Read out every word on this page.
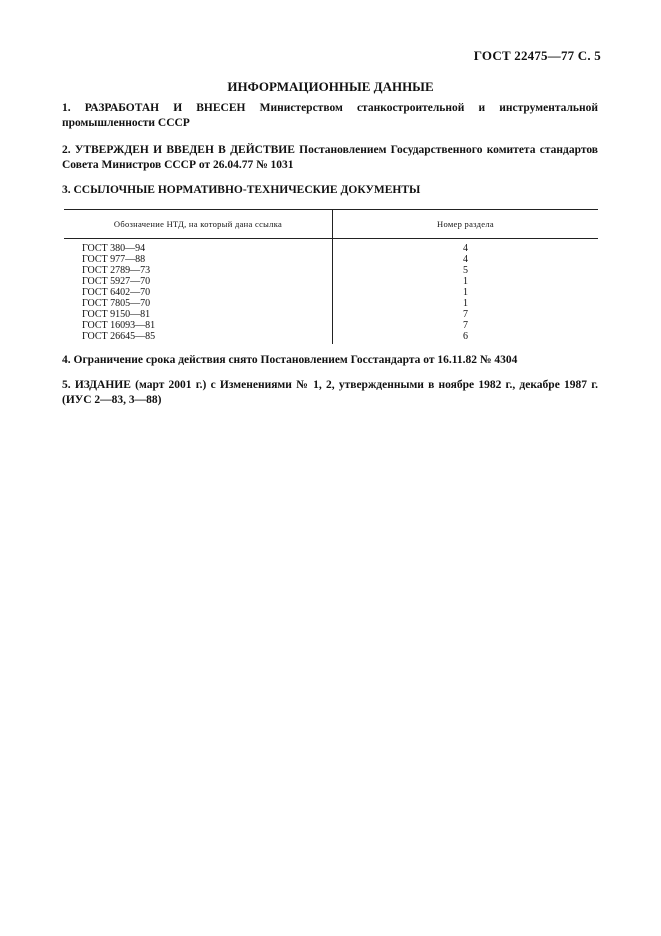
ГОСТ 22475—77 С. 5
ИНФОРМАЦИОННЫЕ ДАННЫЕ
1. РАЗРАБОТАН И ВНЕСЕН Министерством станкостроительной и инструментальной промышленности СССР
2. УТВЕРЖДЕН И ВВЕДЕН В ДЕЙСТВИЕ Постановлением Государственного комитета стандартов Совета Министров СССР от 26.04.77 № 1031
3. ССЫЛОЧНЫЕ НОРМАТИВНО-ТЕХНИЧЕСКИЕ ДОКУМЕНТЫ
Обозначение НТД, на который дана ссылка	Номер раздела
ГОСТ 380—94	4
ГОСТ 977—88	4
ГОСТ 2789—73	5
ГОСТ 5927—70	1
ГОСТ 6402—70	1
ГОСТ 7805—70	1
ГОСТ 9150—81	7
ГОСТ 16093—81	7
ГОСТ 26645—85	6
4. Ограничение срока действия снято Постановлением Госстандарта от 16.11.82 № 4304
5. ИЗДАНИЕ (март 2001 г.) с Изменениями № 1, 2, утвержденными в ноябре 1982 г., декабре 1987 г. (ИУС 2—83, 3—88)
